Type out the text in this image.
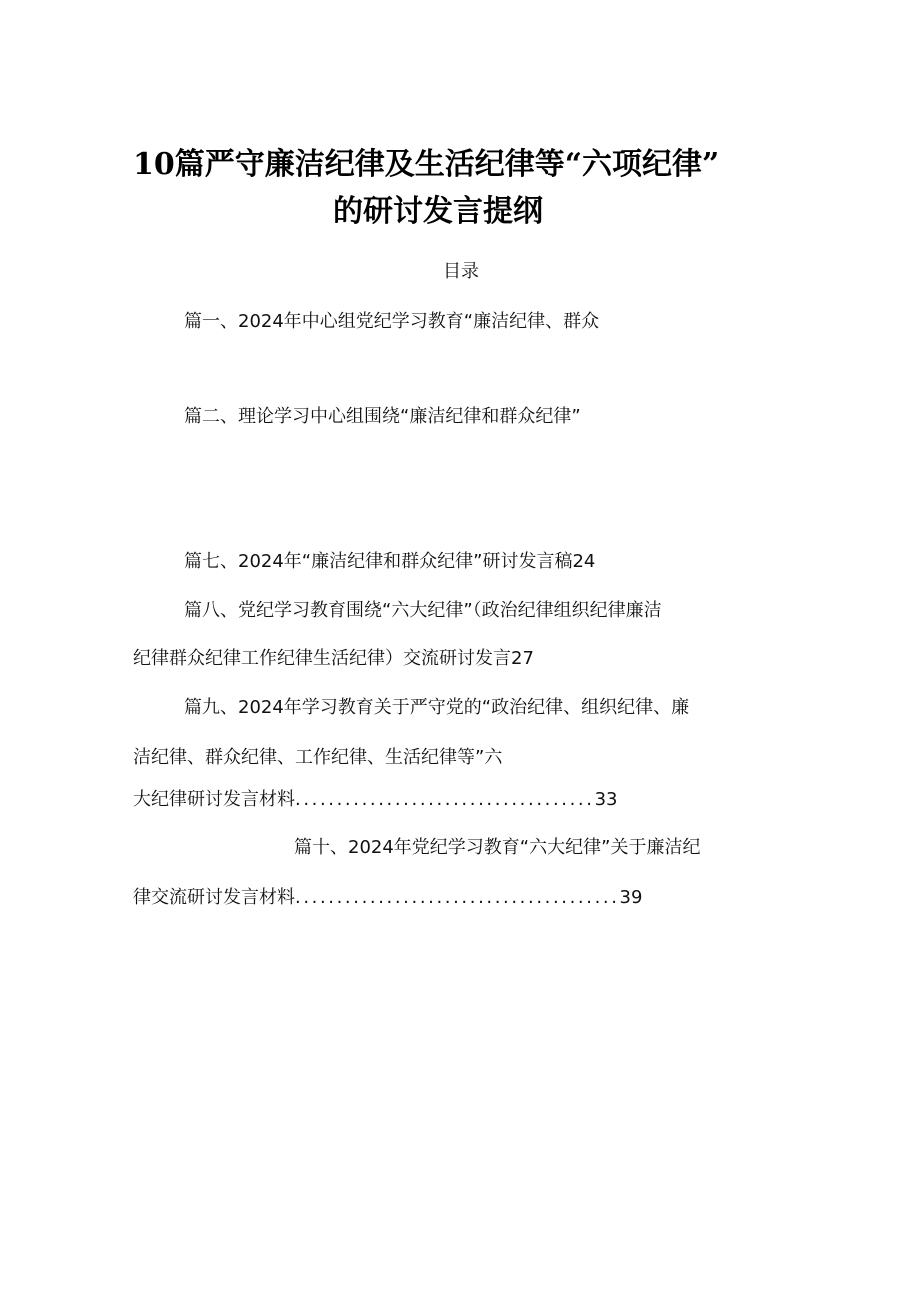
10篇严守廉洁纪律及生活纪律等“六项纪律”
的研讨发言提纲
目录
篇一、2024年中心组党纪学习教育“廉洁纪律、群众
篇二、理论学习中心组围绕“廉洁纪律和群众纪律”
篇七、2024年“廉洁纪律和群众纪律”研讨发言稿24
篇八、党纪学习教育围绕“六大纪律”（政治纪律组织纪律廉洁
纪律群众纪律工作纪律生活纪律）交流研讨发言27
篇九、2024年学习教育关于严守党的“政治纪律、组织纪律、廉
洁纪律、群众纪律、工作纪律、生活纪律等”六
大纪律研讨发言材料....................................33
篇十、2024年党纪学习教育“六大纪律”关于廉洁纪
律交流研讨发言材料.......................................39
